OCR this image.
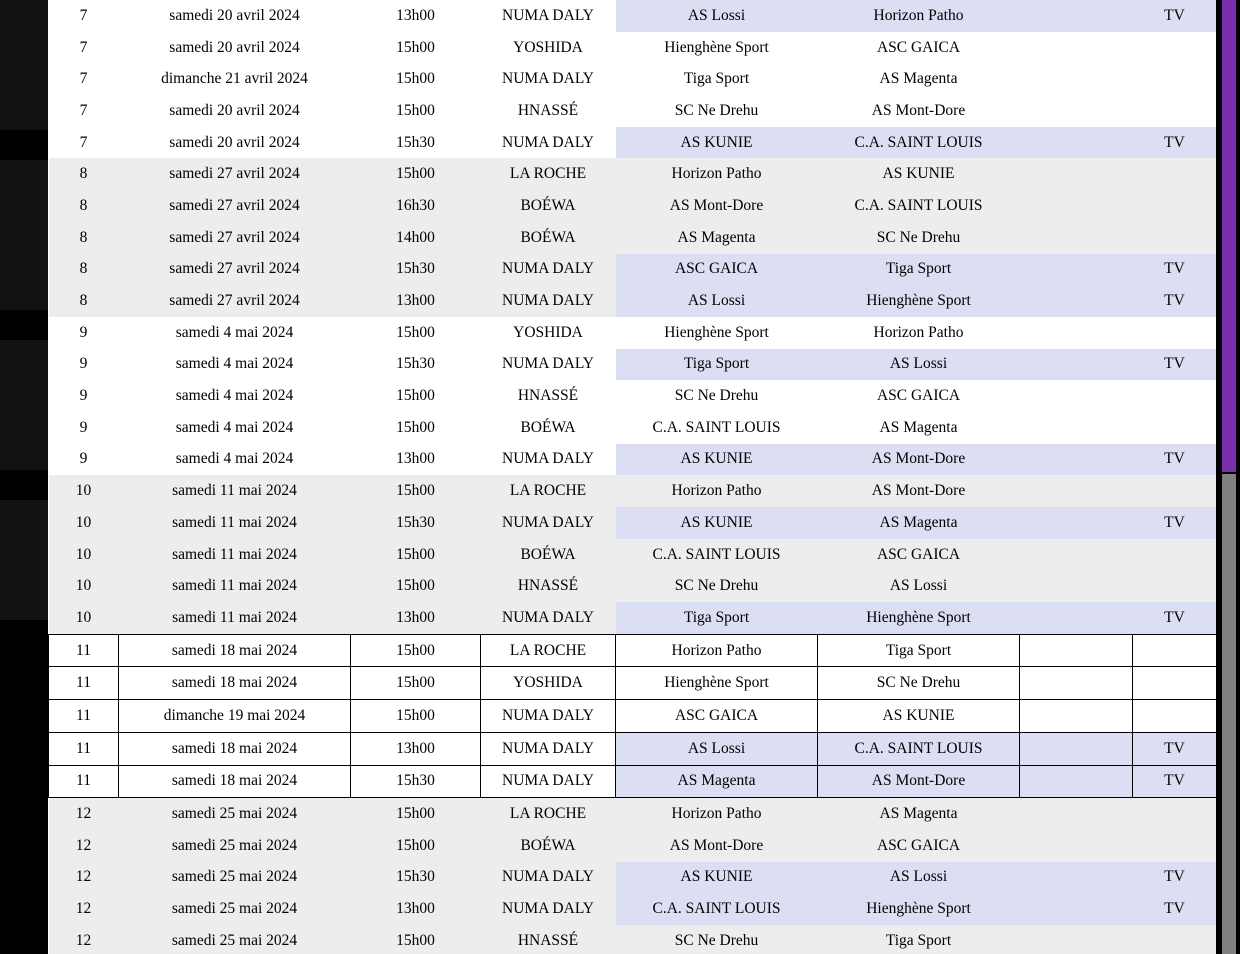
7	samedi 20 avril 2024	13h00	NUMA DALY	AS Lossi	Horizon Patho		TV
7	samedi 20 avril 2024	15h00	YOSHIDA	Hienghène Sport	ASC GAICA		
7	dimanche 21 avril 2024	15h00	NUMA DALY	Tiga Sport	AS Magenta		
7	samedi 20 avril 2024	15h00	HNASSÉ	SC Ne Drehu	AS Mont-Dore		
7	samedi 20 avril 2024	15h30	NUMA DALY	AS KUNIE	C.A. SAINT LOUIS		TV
8	samedi 27 avril 2024	15h00	LA ROCHE	Horizon Patho	AS KUNIE		
8	samedi 27 avril 2024	16h30	BOÉWA	AS Mont-Dore	C.A. SAINT LOUIS		
8	samedi 27 avril 2024	14h00	BOÉWA	AS Magenta	SC Ne Drehu		
8	samedi 27 avril 2024	15h30	NUMA DALY	ASC GAICA	Tiga Sport		TV
8	samedi 27 avril 2024	13h00	NUMA DALY	AS Lossi	Hienghène Sport		TV
9	samedi 4 mai 2024	15h00	YOSHIDA	Hienghène Sport	Horizon Patho		
9	samedi 4 mai 2024	15h30	NUMA DALY	Tiga Sport	AS Lossi		TV
9	samedi 4 mai 2024	15h00	HNASSÉ	SC Ne Drehu	ASC GAICA		
9	samedi 4 mai 2024	15h00	BOÉWA	C.A. SAINT LOUIS	AS Magenta		
9	samedi 4 mai 2024	13h00	NUMA DALY	AS KUNIE	AS Mont-Dore		TV
10	samedi 11 mai 2024	15h00	LA ROCHE	Horizon Patho	AS Mont-Dore		
10	samedi 11 mai 2024	15h30	NUMA DALY	AS KUNIE	AS Magenta		TV
10	samedi 11 mai 2024	15h00	BOÉWA	C.A. SAINT LOUIS	ASC GAICA		
10	samedi 11 mai 2024	15h00	HNASSÉ	SC Ne Drehu	AS Lossi		
10	samedi 11 mai 2024	13h00	NUMA DALY	Tiga Sport	Hienghène Sport		TV
11	samedi 18 mai 2024	15h00	LA ROCHE	Horizon Patho	Tiga Sport		
11	samedi 18 mai 2024	15h00	YOSHIDA	Hienghène Sport	SC Ne Drehu		
11	dimanche 19 mai 2024	15h00	NUMA DALY	ASC GAICA	AS KUNIE		
11	samedi 18 mai 2024	13h00	NUMA DALY	AS Lossi	C.A. SAINT LOUIS		TV
11	samedi 18 mai 2024	15h30	NUMA DALY	AS Magenta	AS Mont-Dore		TV
12	samedi 25 mai 2024	15h00	LA ROCHE	Horizon Patho	AS Magenta		
12	samedi 25 mai 2024	15h00	BOÉWA	AS Mont-Dore	ASC GAICA		
12	samedi 25 mai 2024	15h30	NUMA DALY	AS KUNIE	AS Lossi		TV
12	samedi 25 mai 2024	13h00	NUMA DALY	C.A. SAINT LOUIS	Hienghène Sport		TV
12	samedi 25 mai 2024	15h00	HNASSÉ	SC Ne Drehu	Tiga Sport		
